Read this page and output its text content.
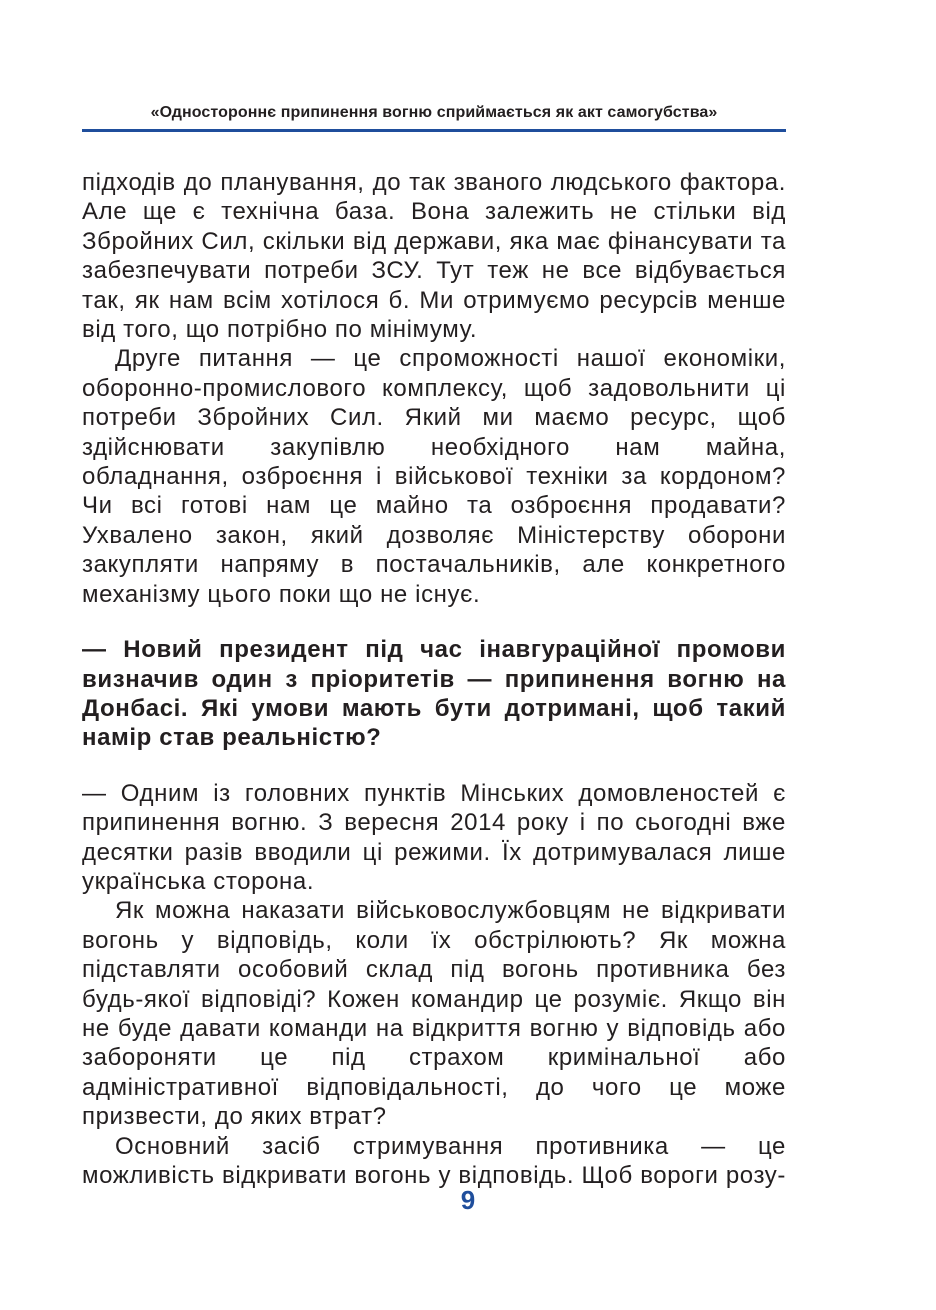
«Одностороннє припинення вогню сприймається як акт самогубства»

підходів до планування, до так званого людського фактора. Але ще є технічна база. Вона залежить не стільки від Збройних Сил, скільки від держави, яка має фінансувати та забезпечувати потреби ЗСУ. Тут теж не все відбувається так, як нам всім хотілося б. Ми отримуємо ресурсів менше від того, що потрібно по мінімуму.

Друге питання — це спроможності нашої економіки, оборонно-промислового комплексу, щоб задовольнити ці потреби Збройних Сил. Який ми маємо ресурс, щоб здійснювати закупівлю необхідного нам майна, обладнання, озброєння і військової техніки за кордоном? Чи всі готові нам це майно та озброєння продавати? Ухвалено закон, який дозволяє Міністерству оборони закупляти напряму в постачальників, але конкретного механізму цього поки що не існує.

— Новий президент під час інавгураційної промови визначив один з пріоритетів — припинення вогню на Донбасі. Які умови мають бути дотримані, щоб такий намір став реальністю?

— Одним із головних пунктів Мінських домовленостей є припинення вогню. З вересня 2014 року і по сьогодні вже десятки разів вводили ці режими. Їх дотримувалася лише українська сторона.

Як можна наказати військовослужбовцям не відкривати вогонь у відповідь, коли їх обстрілюють? Як можна підставляти особовий склад під вогонь противника без будь-якої відповіді? Кожен командир це розуміє. Якщо він не буде давати команди на відкриття вогню у відповідь або забороняти це під страхом кримінальної або адміністративної відповідальності, до чого це може призвести, до яких втрат?

Основний засіб стримування противника — це можливість відкривати вогонь у відповідь. Щоб вороги розу-

9
